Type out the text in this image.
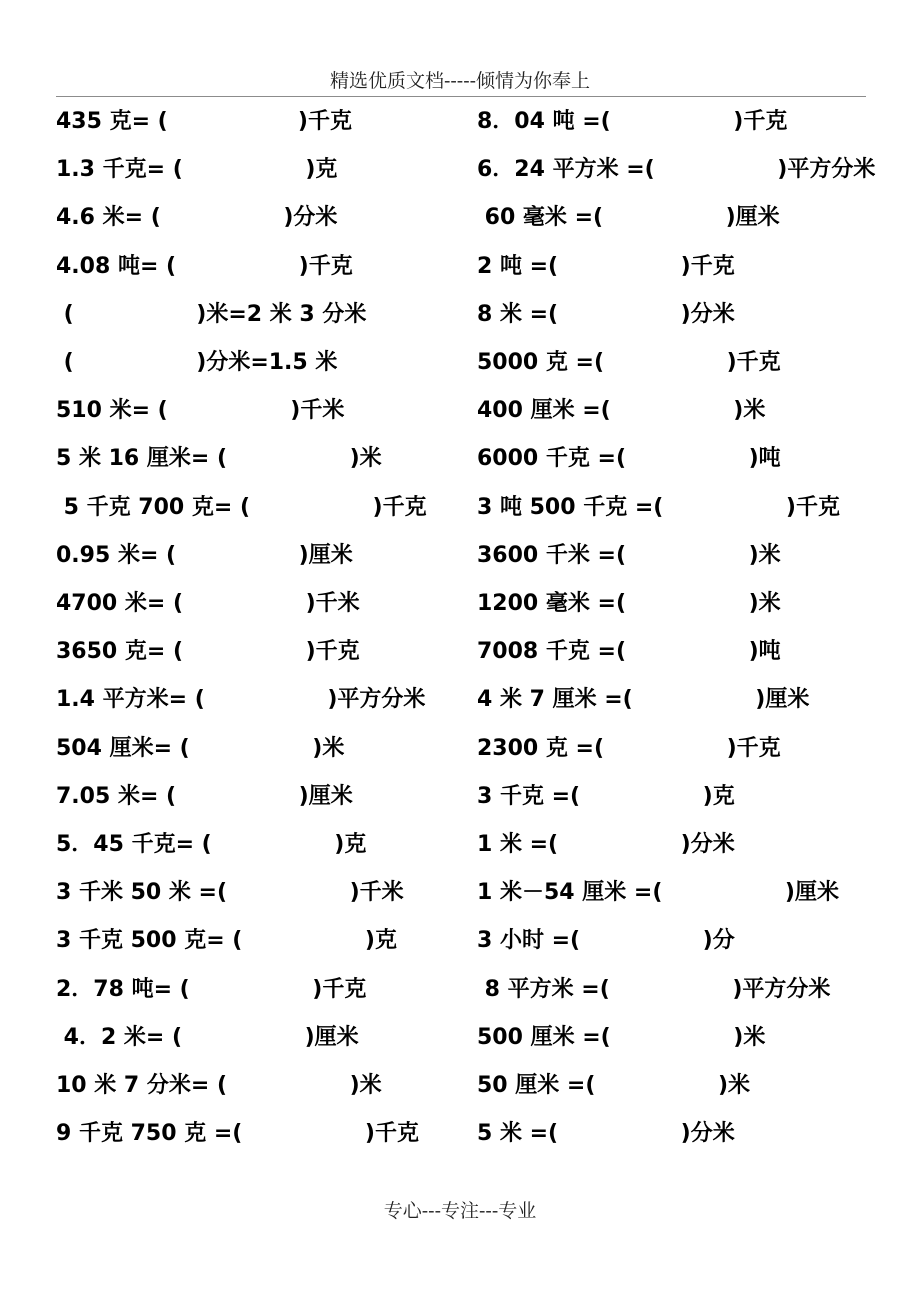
精选优质文档-----倾情为你奉上
435 克= (                 )千克
1.3 千克= (                )克
4.6 米= (                )分米
4.08 吨= (                )千克
(                )米=2 米 3 分米
(                )分米=1.5 米
510 米= (                )千米
5 米 16 厘米= (                )米
5 千克 700 克= (                )千克
0.95 米= (                )厘米
4700 米= (                )千米
3650 克= (                )千克
1.4 平方米= (                )平方分米
504 厘米= (                )米
7.05 米= (                )厘米
5．45 千克= (                )克
3 千米 50 米 =(                )千米
3 千克 500 克= (                )克
2．78 吨= (                )千克
4．2 米= (                )厘米
10 米 7 分米= (                )米
9 千克 750 克 =(                )千克
8．04 吨 =(                )千克
6．24 平方米 =(                )平方分米
60 毫米 =(                )厘米
2 吨 =(                )千克
8 米 =(                )分米
5000 克 =(                )千克
400 厘米 =(                )米
6000 千克 =(                )吨
3 吨 500 千克 =(                )千克
3600 千米 =(                )米
1200 毫米 =(                )米
7008 千克 =(                )吨
4 米 7 厘米 =(                )厘米
2300 克 =(                )千克
3 千克 =(                )克
1 米 =(                )分米
1 米－54 厘米 =(                )厘米
3 小时 =(                )分
8 平方米 =(                )平方分米
500 厘米 =(                )米
50 厘米 =(                )米
5 米 =(                )分米
专心---专注---专业
